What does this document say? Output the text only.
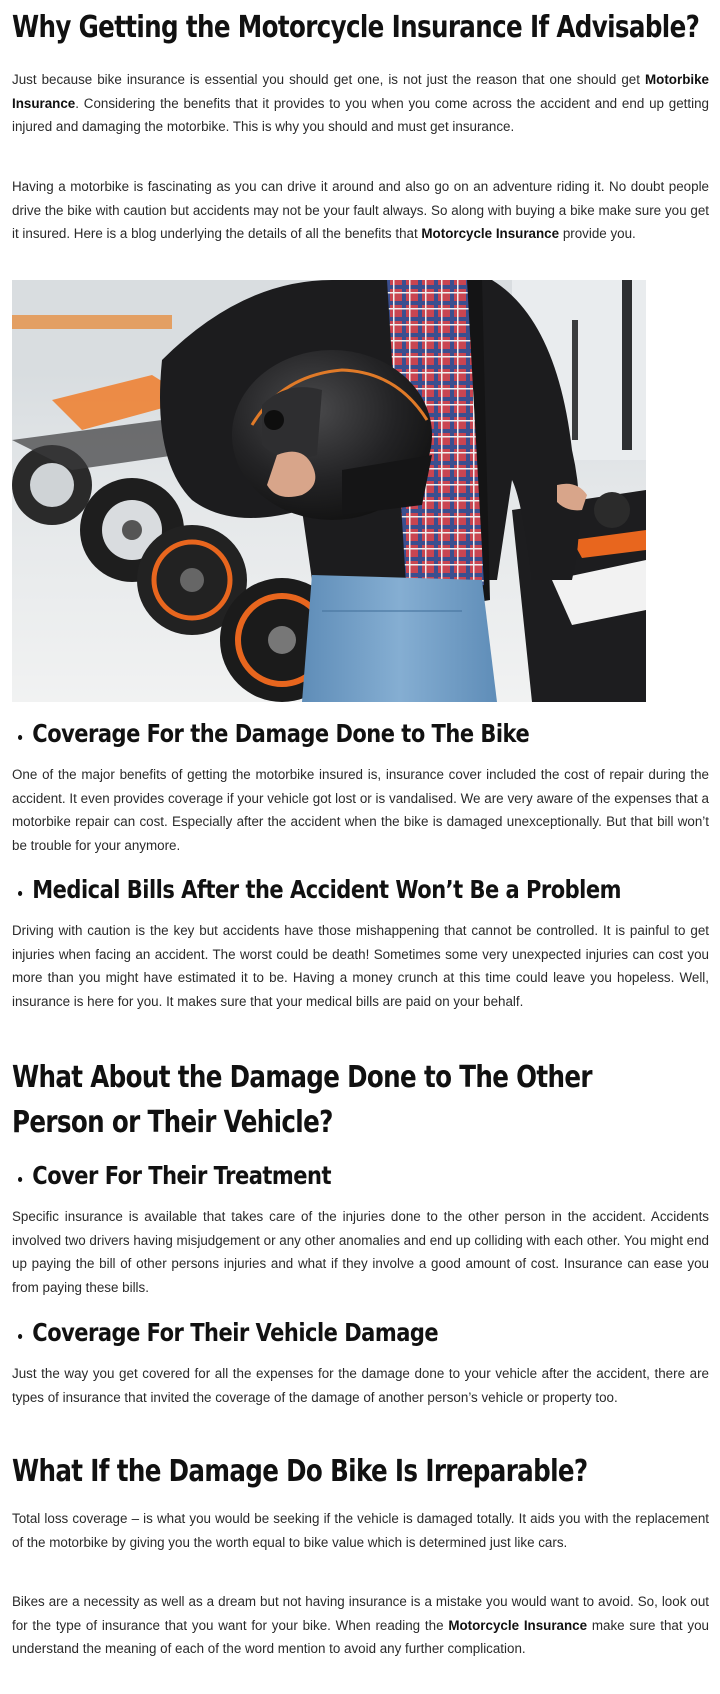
Why Getting the Motorcycle Insurance If Advisable?

Just because bike insurance is essential you should get one, is not just the reason that one should get Motorbike Insurance. Considering the benefits that it provides to you when you come across the accident and end up getting injured and damaging the motorbike. This is why you should and must get insurance.

Having a motorbike is fascinating as you can drive it around and also go on an adventure riding it. No doubt people drive the bike with caution but accidents may not be your fault always. So along with buying a bike make sure you get it insured. Here is a blog underlying the details of all the benefits that Motorcycle Insurance provide you.

Coverage For the Damage Done to The Bike

One of the major benefits of getting the motorbike insured is, insurance cover included the cost of repair during the accident. It even provides coverage if your vehicle got lost or is vandalised. We are very aware of the expenses that a motorbike repair can cost. Especially after the accident when the bike is damaged unexceptionally. But that bill won’t be trouble for your anymore.

Medical Bills After the Accident Won’t Be a Problem

Driving with caution is the key but accidents have those mishappening that cannot be controlled. It is painful to get injuries when facing an accident. The worst could be death! Sometimes some very unexpected injuries can cost you more than you might have estimated it to be. Having a money crunch at this time could leave you hopeless. Well, insurance is here for you. It makes sure that your medical bills are paid on your behalf.

What About the Damage Done to The Other
Person or Their Vehicle?
Cover For Their Treatment

Specific insurance is available that takes care of the injuries done to the other person in the accident. Accidents involved two drivers having misjudgement or any other anomalies and end up colliding with each other. You might end up paying the bill of other persons injuries and what if they involve a good amount of cost. Insurance can ease you from paying these bills.

Coverage For Their Vehicle Damage

Just the way you get covered for all the expenses for the damage done to your vehicle after the accident, there are types of insurance that invited the coverage of the damage of another person’s vehicle or property too.

What If the Damage Do Bike Is Irreparable?

Total loss coverage – is what you would be seeking if the vehicle is damaged totally. It aids you with the replacement of the motorbike by giving you the worth equal to bike value which is determined just like cars.

Bikes are a necessity as well as a dream but not having insurance is a mistake you would want to avoid. So, look out for the type of insurance that you want for your bike. When reading the Motorcycle Insurance make sure that you understand the meaning of each of the word mention to avoid any further complication.
